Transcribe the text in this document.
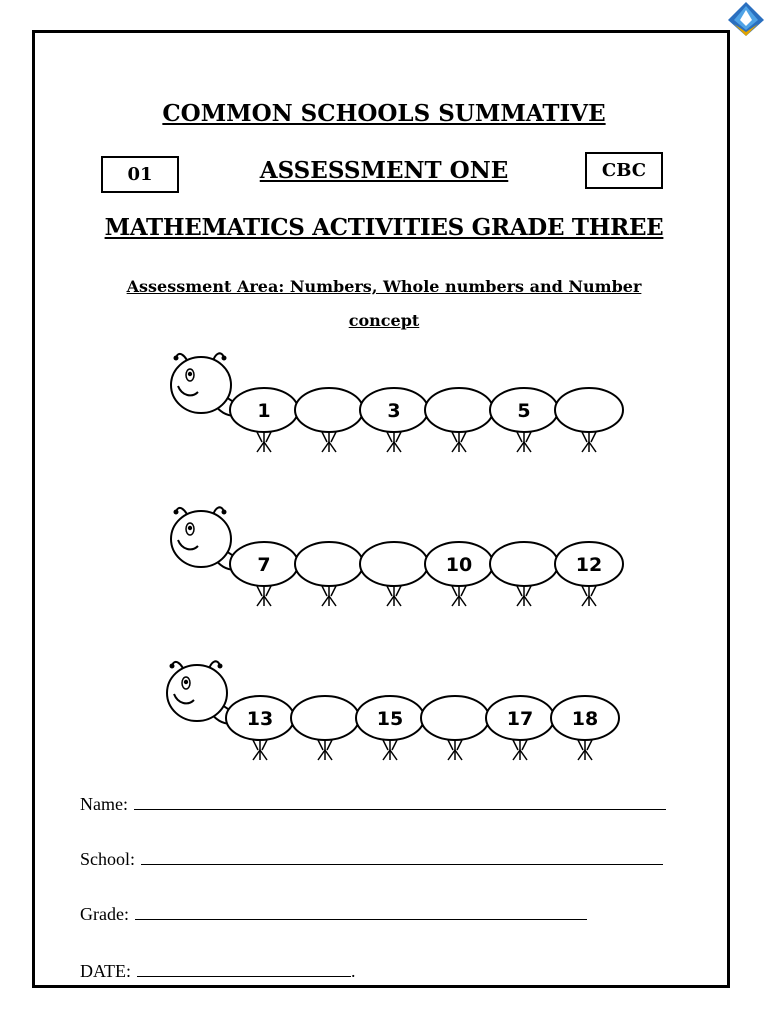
COMMON SCHOOLS SUMMATIVE
01	ASSESSMENT ONE	CBC
MATHEMATICS ACTIVITIES GRADE THREE
Assessment Area: Numbers, Whole numbers and Number
concept
1	3	5
7	10	12
13	15	17 18
Name:
School:
Grade:
DATE:	.
